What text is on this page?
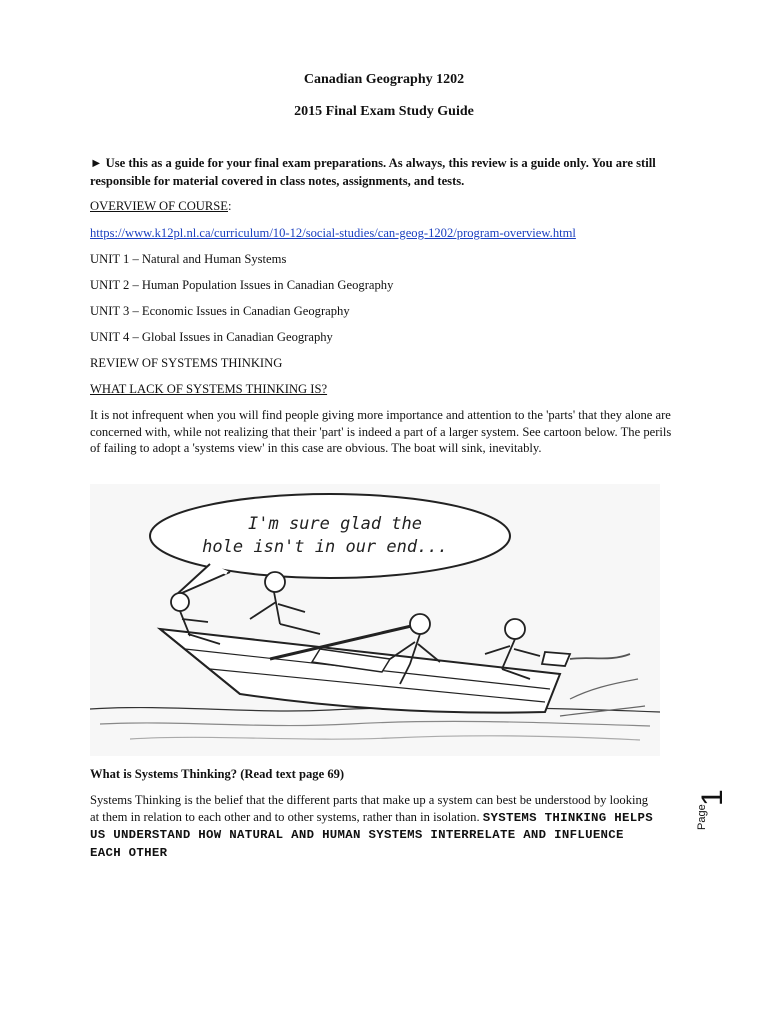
Canadian Geography 1202
2015 Final Exam Study Guide
► Use this as a guide for your final exam preparations. As always, this review is a guide only. You are still responsible for material covered in class notes, assignments, and tests.
OVERVIEW OF COURSE:
https://www.k12pl.nl.ca/curriculum/10-12/social-studies/can-geog-1202/program-overview.html
UNIT 1 – Natural and Human Systems
UNIT 2 – Human Population Issues in Canadian Geography
UNIT 3 – Economic Issues in Canadian Geography
UNIT 4 – Global Issues in Canadian Geography
REVIEW OF SYSTEMS THINKING
WHAT LACK OF SYSTEMS THINKING IS?
It is not infrequent when you will find people giving more importance and attention to the 'parts' that they alone are concerned with, while not realizing that their 'part' is indeed a part of a larger system. See cartoon below. The perils of failing to adopt a 'systems view' in this case are obvious. The boat will sink, inevitably.
I'm sure glad the
hole isn't in our end...
What is Systems Thinking? (Read text page 69)
Systems Thinking is the belief that the different parts that make up a system can best be understood by looking at them in relation to each other and to other systems, rather than in isolation. SYSTEMS THINKING HELPS US UNDERSTAND HOW NATURAL AND HUMAN SYSTEMS INTERRELATE AND INFLUENCE EACH OTHER
Page
1
